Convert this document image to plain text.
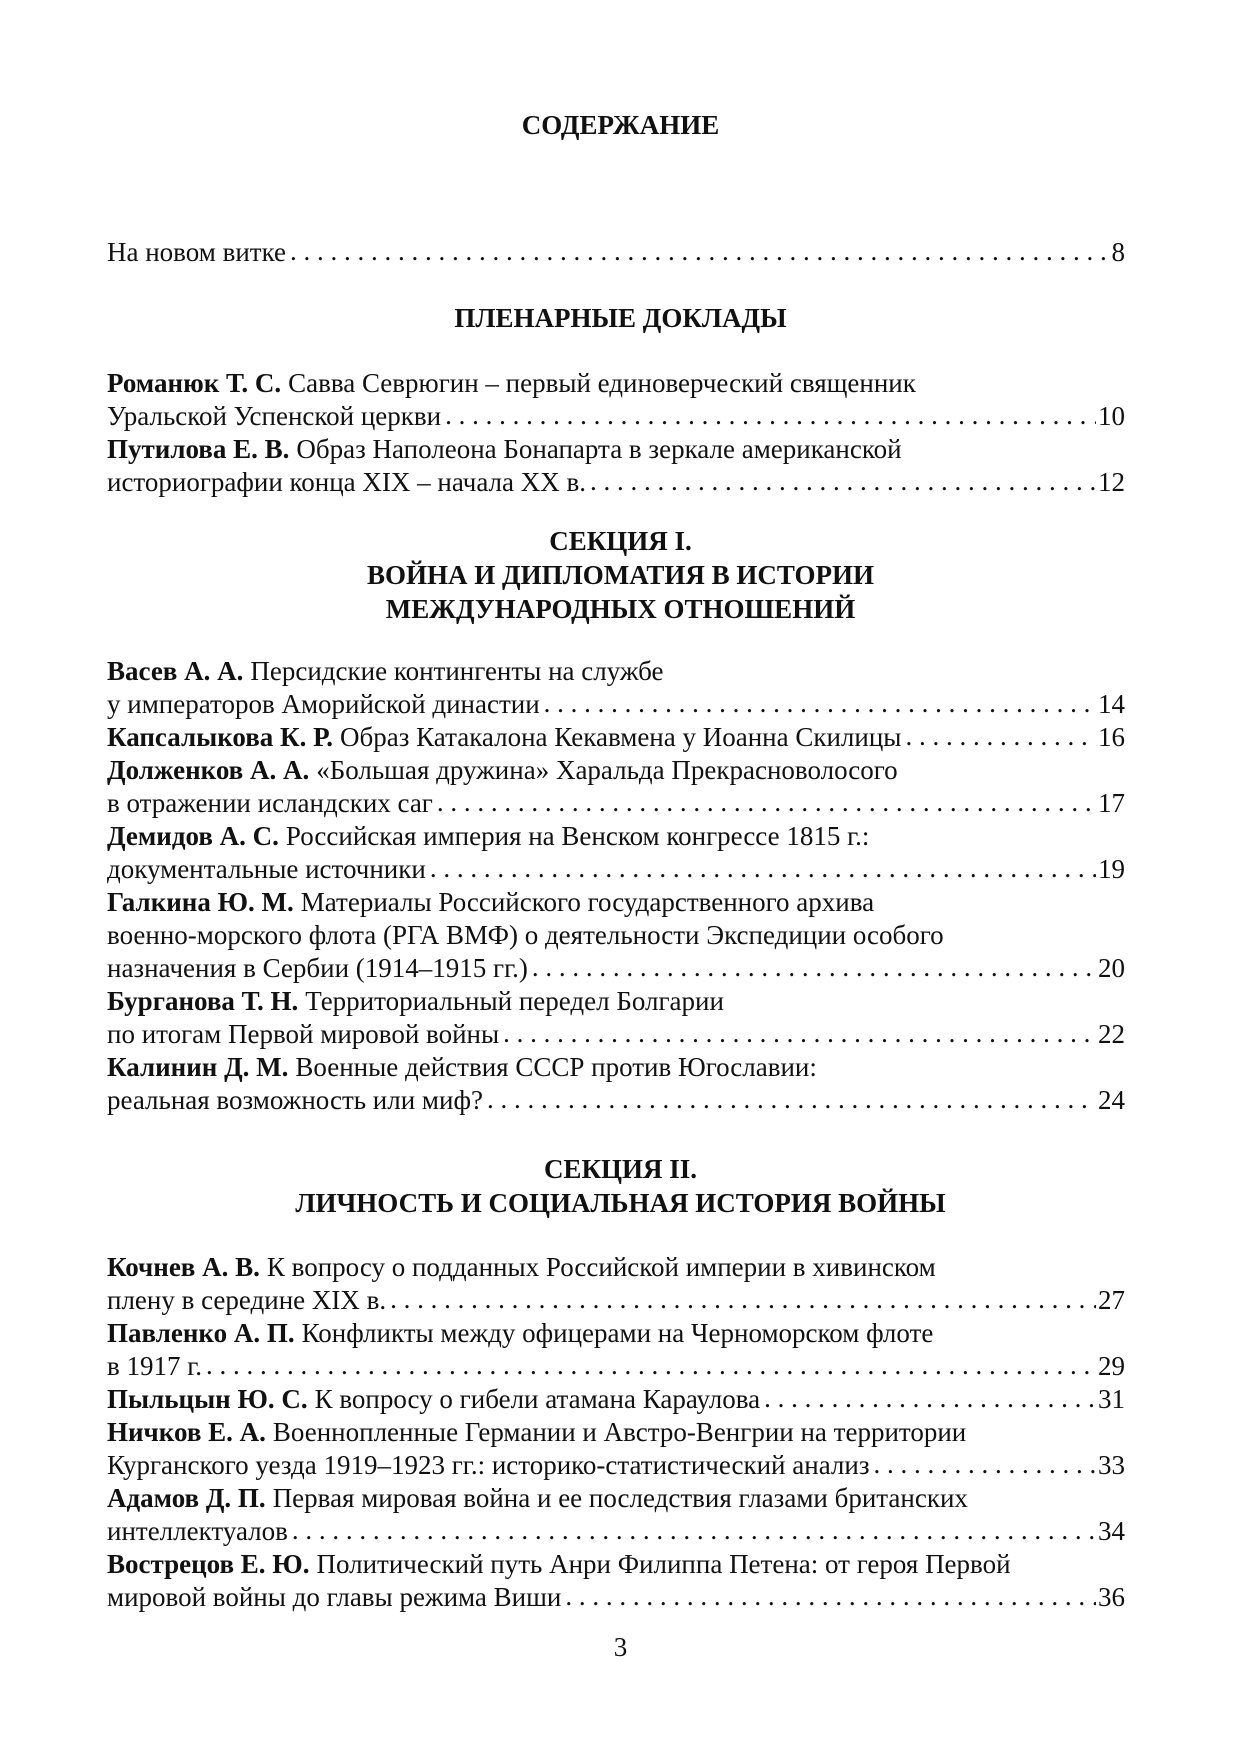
СОДЕРЖАНИЕ
На новом витке . . .	8
ПЛЕНАРНЫЕ ДОКЛАДЫ
Романюк Т. С. Савва Севрюгин – первый единоверческий священник
Уральской Успенской церкви . . .	10
Путилова Е. В. Образ Наполеона Бонапарта в зеркале американской
историографии конца XIX – начала XX в. . . .	12
СЕКЦИЯ I.
ВОЙНА И ДИПЛОМАТИЯ В ИСТОРИИ
МЕЖДУНАРОДНЫХ ОТНОШЕНИЙ
Васев А. А. Персидские контингенты на службе
у императоров Аморийской династии . . .	14
Капсалыкова К. Р. Образ Катакалона Кекавмена у Иоанна Скилицы . . .	16
Долженков А. А. «Большая дружина» Харальда Прекрасноволосого
в отражении исландских саг . . .	17
Демидов А. С. Российская империя на Венском конгрессе 1815 г.:
документальные источники . . .	19
Галкина Ю. М. Материалы Российского государственного архива
военно-морского флота (РГА ВМФ) о деятельности Экспедиции особого
назначения в Сербии (1914–1915 гг.) . . .	20
Бурганова Т. Н. Территориальный передел Болгарии
по итогам Первой мировой войны . . .	22
Калинин Д. М. Военные действия СССР против Югославии:
реальная возможность или миф? . . .	24
СЕКЦИЯ II.
ЛИЧНОСТЬ И СОЦИАЛЬНАЯ ИСТОРИЯ ВОЙНЫ
Кочнев А. В. К вопросу о подданных Российской империи в хивинском
плену в середине XIX в. . . .	27
Павленко А. П. Конфликты между офицерами на Черноморском флоте
в 1917 г. . . .	29
Пыльцын Ю. С. К вопросу о гибели атамана Караулова . . .	31
Ничков Е. А. Военнопленные Германии и Австро-Венгрии на территории
Курганского уезда 1919–1923 гг.: историко-статистический анализ . . .	33
Адамов Д. П. Первая мировая война и ее последствия глазами британских
интеллектуалов . . .	34
Вострецов Е. Ю. Политический путь Анри Филиппа Петена: от героя Первой
мировой войны до главы режима Виши . . .	36
3
